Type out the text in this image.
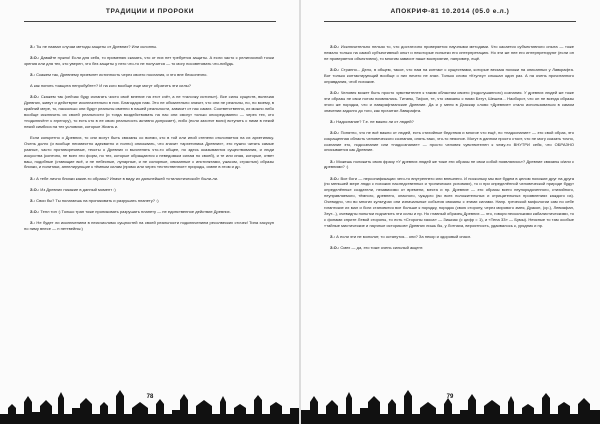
ТРАДИЦИИ И ПРОРОКИ

З.: Ты не назвал случаи методы защиты от Древних? Или склонны.

З.О.: Давайте нужно! Если для себя, то применяю сказать, что от них нет требуется защиты. А если часто с религиозной точки зрения или для тех, кто уверен, что без защиты у него что-то не получится — то могу посоветовать что-нибудь.

З.: Скажем так, Древнему приемлет истинность через своего послания, и это вне бесконечно.

А как понять «защита непробуйте»? И на кого вообще еще могут обратить эти силы?

З.О.: Скажем так (сейчас буду излагать чисто своё мнение на этот счёт, а не «галочку истины»). Все силы существ, включая Древних, живут и действуют исключительно в них. Благодаря нам. Это не обязательно значит, что они не реальны, но, по моему, в крайний мере, то, насколько они будут реальны именно в нашей реальности, зависит от нас самих. Соответственно, их можно либо вообще исключить из своей реальности (и тогда воздействовать на нас они смогут только опосредованно — через тех, кто «подключён» к эгрегору), то есть кто в ее свою реальность активно допускает), либо (если захотят воли) вступить с ними в некий некий симбиоз на тех условиях, которые Жизнь и.

Если конкретно о Древних, то они могут быть связаны со всеми, кто в той или иной степени отклоняется на их архетипику. Очень долго (и вообще неизвестно адекватно и полно) описывать, что значит «архетипика Древних», это нужно читать самые разные, часто противоречивые, тексты о Древних и вычленять что-то общее, но здесь оказываются существования, и люди искусства (конечно, не всех это форм, но тех, которые обращаются к неведомым силам по своей), и те или иная, которые, ответ ваш, подобные (ставящие всё, и не небесные, лунарные, и не солярные, связанные с инстинктами, ужасом, страстью) образы близки, и политики, аппелирующие к тёмным силам (прямо или через «естественное» природы, извне в этом и др.

З.: А тебе лично близки какие-то образы? Иначе в виду их дальнейшей «стилистической» были-ли.

З.О.: Из Древних никакие в данный момент :)

З.: Свои бы? Ты полагаешь на прониковать и разрушать планету? :)

З.О.: Тепл топ :) Только трап тоже прониковать разрушать планету — не единственное действие Древних.

З.: Не будет ли исключением в неисчислимо сущностей на своей реальности подключением ресолвеских сточек! Типа хасусуп по ниму внесе — н неттвейны:)

78
АПОКРИФ-81 10.2014 (05.0 е.л.)

З.О.: Исключительно нельзя то, что достаточно проверяется научными методами. Что касается субъективного опыта — тоже немало только на самой субъективный опыт и некоторые попытки его интерпретацию. Но эти же нее его интерпретируют (если он не проверяется объективно), то многим зависит наше восприятие, например, ещё.

З.О.: Странно... Дело, в общем, такое, что нам на контакт с существами, которые весьма похожи на описанных у Лавкрафта. Вот только контактирующий вообще о них ничего не знал. Только слово «Ктулху» слышал один раз. А на очень прочитанного оправдания, чтоб похожие.

З.О.: Человек может быть просто чувствителен к таким областям своего (подслушанного) сознания. У древних людей же тоже эти образы не свои потом появлялись. Титаны, Тифон, те, что связаны с ними Бегут, Шешем... Наоборот, что он не всегда образы этого же порядка, что и лавкрафтианские Древние. Да и у меня в Дхаскар слово «Древние» стало использоваться в самом значении задолго до того, как прочитал Лавкрафта.

З.: Надоспание? Т.е. не важно ли от людей?

З.О.: Понятно, что не всё важно от людей, есть стихийные бедствия и многое что ещё, но «надоспание» — это свой образ, это сокращенная область человеческого сознания, опять-таки, что-то неясное. Могут в данном просто стоит, что не могу сказать точно, сознание это, подсознание или «надсознание» — просто человек чувствителен к чему-то ВНУТРИ себя, что ОБРАЗНО описывается как Древние.

З.: Можешь положить свою фразу «У древних людей же тоже эти образы не свои собой появлялись»? Древние связаны и/или с древними? :)

З.О.: Все боги — персонификации чего-то внутреннего или внешнего. И поскольку мы все будем в целом похожие друг на друга (по меньшей мере люди с похожих наследственных и тропических условиях), то и при определённой человеческой природе будут определённые создатели, независимо от времени, места и пр. Древние — это образы всего неупорядоченного, стихийного, неуправляемого, тёмного, древнего, опасного, чуждого (во всех положительных и отрицательных проявлениях каждого из). Очевидно, что во многих культурах они изначальные события связаны с этими силами. Напр. греческой мифологии сам по себе гигантские их мал и боги становятся все больше к порядку, порядок (свою сторону, через мирового змея, Дракон, (ср.), Левиафан, Зеут...), очевидны попытки подчинить эти силы и пр. Но главный образец Древних — это, говоря несколькими кабалистическими, то с фонами сприте Левой стороны, то есть «Стороны хаоса» — Зишиас (с цифр = 1), и «Тепа 33» — Бумы). Неясные то там особые «тайные мистические и научные историков» Древних лишь бы, у Лотнаха, вероятность, удаивалось к, урядник и пр.

З.: А если эти не монолит, то останутся... они? За некор и здоровый спасл.

З.О.: Смех — да, это тоже очень сильный акцент.

79
